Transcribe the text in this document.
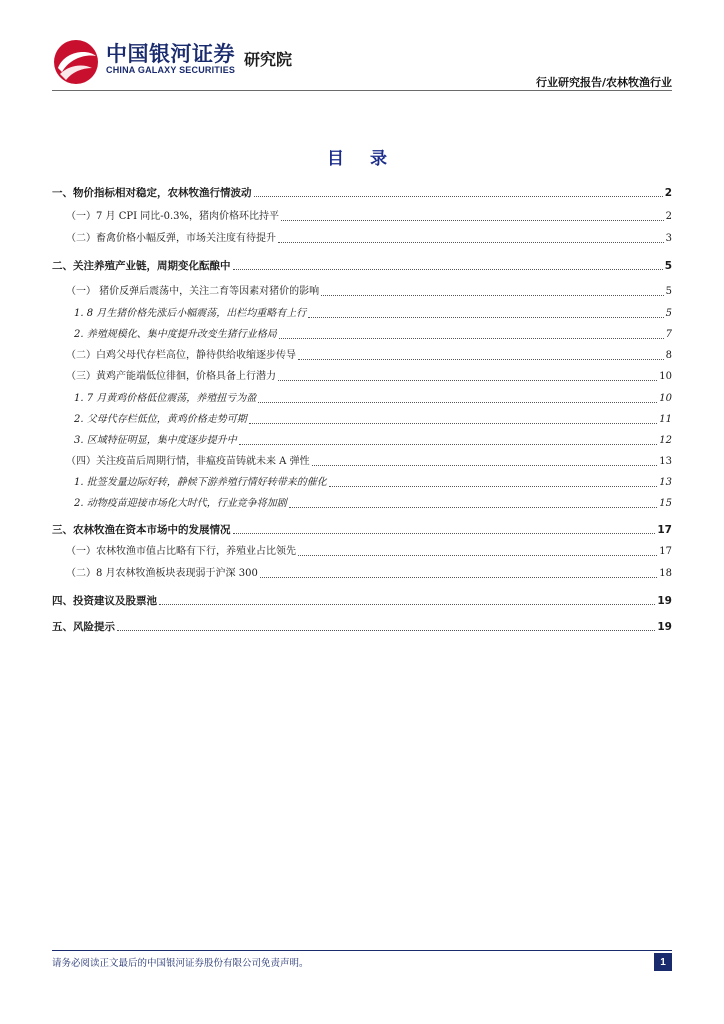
中国银河证券
CHINA GALAXY SECURITIES
研究院
行业研究报告/农林牧渔行业
目 录
一、物价指标相对稳定，农林牧渔行情波动	2
（一）7 月 CPI 同比-0.3%，猪肉价格环比持平	2
（二）畜禽价格小幅反弹，市场关注度有待提升	3
二、关注养殖产业链，周期变化酝酿中	5
（一） 猪价反弹后震荡中，关注二育等因素对猪价的影响	5
1. 8 月生猪价格先涨后小幅震荡，出栏均重略有上行	5
2. 养殖规模化、集中度提升改变生猪行业格局	7
（二）白鸡父母代存栏高位，静待供给收缩逐步传导	8
（三）黄鸡产能端低位徘徊，价格具备上行潜力	10
1. 7 月黄鸡价格低位震荡，养殖扭亏为盈	10
2. 父母代存栏低位，黄鸡价格走势可期	11
3. 区域特征明显，集中度逐步提升中	12
（四）关注疫苗后周期行情，非瘟疫苗铸就未来 A 弹性	13
1. 批签发量边际好转，静候下游养殖行情好转带来的催化	13
2. 动物疫苗迎接市场化大时代，行业竞争将加剧	15
三、农林牧渔在资本市场中的发展情况	17
（一）农林牧渔市值占比略有下行，养殖业占比领先	17
（二）8 月农林牧渔板块表现弱于沪深 300	18
四、投资建议及股票池	19
五、风险提示	19
请务必阅读正文最后的中国银河证券股份有限公司免责声明。	1
